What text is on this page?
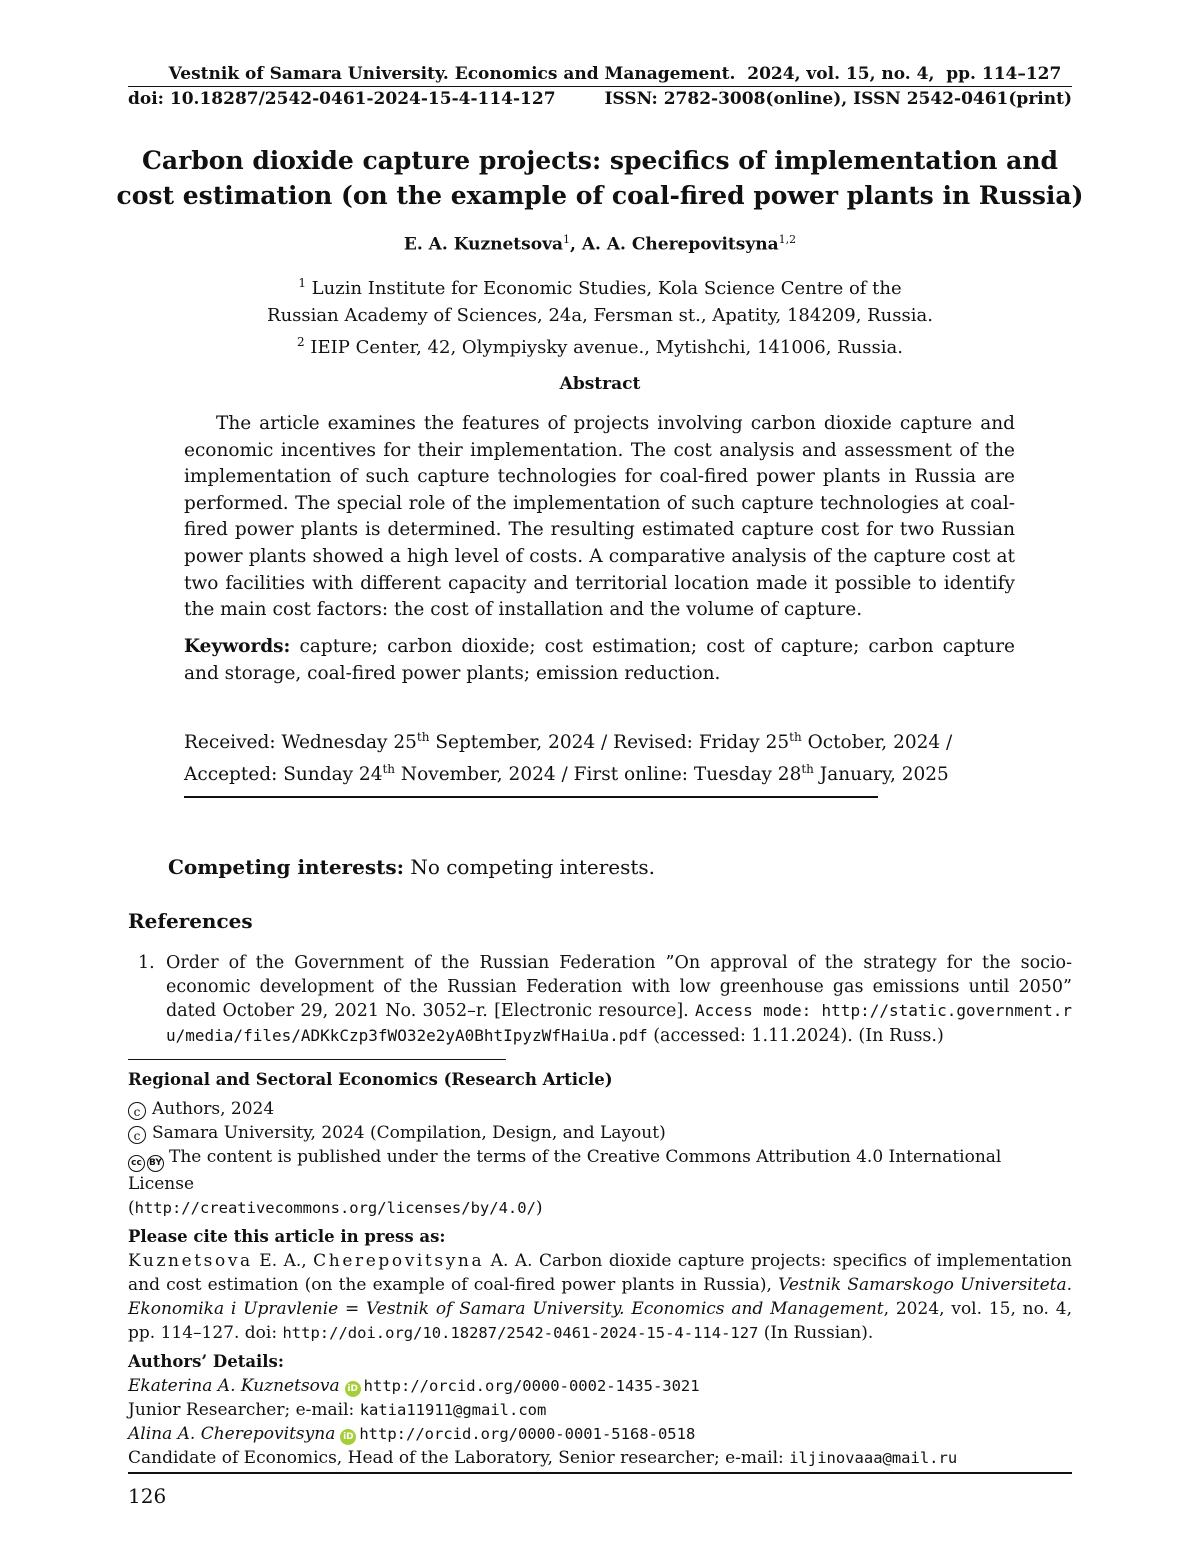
Vestnik of Samara University. Economics and Management. 2024, vol. 15, no. 4, pp. 114–127
doi: 10.18287/2542-0461-2024-15-4-114-127	ISSN: 2782-3008(online), ISSN 2542-0461(print)
Carbon dioxide capture projects: specifics of implementation and
cost estimation (on the example of coal-fired power plants in Russia)
E. A. Kuznetsova$^1$, A. A. Cherepovitsyna$^{1,2}$
$^1$ Luzin Institute for Economic Studies, Kola Science Centre of the
Russian Academy of Sciences, 24a, Fersman st., Apatity, 184209, Russia.
$^2$ IEIP Center, 42, Olympiysky avenue., Mytishchi, 141006, Russia.
Abstract
The article examines the features of projects involving carbon dioxide capture and economic incentives for their implementation. The cost analysis and assessment of the implementation of such capture technologies for coal-fired power plants in Russia are performed. The special role of the implementation of such capture technologies at coal-fired power plants is determined. The resulting estimated capture cost for two Russian power plants showed a high level of costs. A comparative analysis of the capture cost at two facilities with different capacity and territorial location made it possible to identify the main cost factors: the cost of installation and the volume of capture.
Keywords: capture; carbon dioxide; cost estimation; cost of capture; carbon capture and storage, coal-fired power plants; emission reduction.
Received: Wednesday 25th September, 2024 / Revised: Friday 25th October, 2024 /
Accepted: Sunday 24th November, 2024 / First online: Tuesday 28th January, 2025
Competing interests: No competing interests.
References
1. Order of the Government of the Russian Federation ”On approval of the strategy for the socio-economic development of the Russian Federation with low greenhouse gas emissions until 2050” dated October 29, 2021 No. 3052–r. [Electronic resource]. Access mode: http://static.government.ru/media/files/ADKkCzp3fWO32e2yA0BhtIpyzWfHaiUa.pdf (accessed: 1.11.2024). (In Russ.)

Regional and Sectoral Economics (Research Article)

c Authors, 2024

c Samara University, 2024 (Compilation, Design, and Layout)

cc BY The content is published under the terms of the Creative Commons Attribution 4.0 International License

(http://creativecommons.org/licenses/by/4.0/)

Please cite this article in press as:

Kuznetsova E. A., Cherepovitsyna A. A. Carbon dioxide capture projects: specifics of implementation and cost estimation (on the example of coal-fired power plants in Russia), Vestnik Samarskogo Universiteta. Ekonomika i Upravlenie = Vestnik of Samara University. Economics and Management, 2024, vol. 15, no. 4, pp. 114–127. doi: http://doi.org/10.18287/2542-0461-2024-15-4-114-127 (In Russian).

Authors’ Details:

Ekaterina A. Kuznetsova iD http://orcid.org/0000-0002-1435-3021

Junior Researcher; e-mail: katia11911@gmail.com

Alina A. Cherepovitsyna iD http://orcid.org/0000-0001-5168-0518

Candidate of Economics, Head of the Laboratory, Senior researcher; e-mail: iljinovaaa@mail.ru

126
